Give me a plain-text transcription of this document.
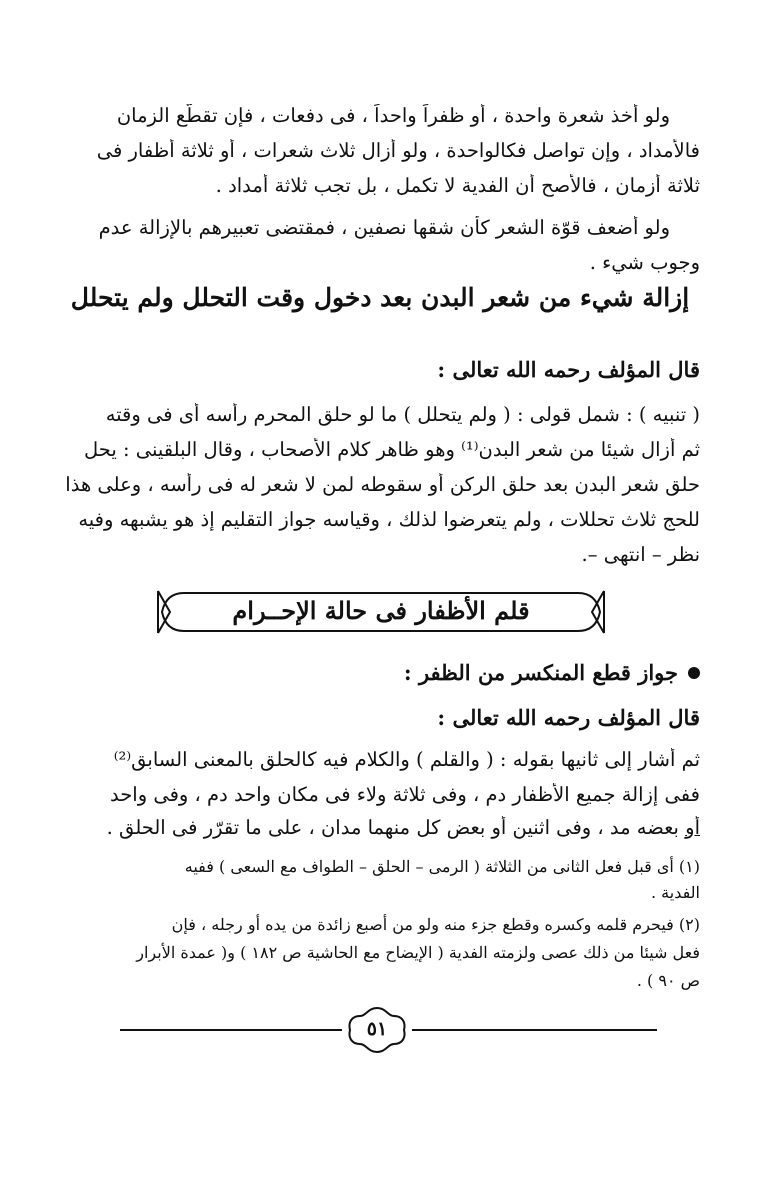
ولو أخذ شعرة واحدة ، أو ظفراً واحداً ، فى دفعات ، فإن تقطّع الزمان
فالأمداد ، وإن تواصل فكالواحدة ، ولو أزال ثلاث شعرات ، أو ثلاثة أظفار فى
ثلاثة أزمان ، فالأصح أن الفدية لا تكمل ، بل تجب ثلاثة أمداد .
ولو أضعف قوّة الشعر كأن شقها نصفين ، فمقتضى تعبيرهم بالإزالة عدم
وجوب شيء .
إزالة شيء من شعر البدن بعد دخول وقت التحلل ولم يتحلل
قال المؤلف رحمه الله تعالى :
( تنبيه ) : شمل قولى : ( ولم يتحلل ) ما لو حلق المحرم رأسه أى فى وقته
ثم أزال شيئا من شعر البدن⁽¹⁾ وهو ظاهر كلام الأصحاب ، وقال البلقينى : يحل
حلق شعر البدن بعد حلق الركن أو سقوطه لمن لا شعر له فى رأسه ، وعلى هذا
للحج ثلاث تحللات ، ولم يتعرضوا لذلك ، وقياسه جواز التقليم إذ هو يشبهه وفيه
نظر – انتهى –.
قلم الأظفار فى حالة الإحــرام
جواز قطع المنكسر من الظفر :
قال المؤلف رحمه الله تعالى :
ثم أشار إلى ثانيها بقوله : ( والقلم ) والكلام فيه كالحلق بالمعنى السابق⁽²⁾
ففى إزالة جميع الأظفار دم ، وفى ثلاثة ولاء فى مكان واحد دم ، وفى واحد
أو بعضه مد ، وفى اثنين أو بعض كل منهما مدان ، على ما تقرّر فى الحلق .
(١) أى قبل فعل الثانى من الثلاثة ( الرمى – الحلق – الطواف مع السعى ) ففيه
الفدية .
(٢) فيحرم قلمه وكسره وقطع جزء منه ولو من أصبع زائدة من يده أو رجله ، فإن
فعل شيئا من ذلك عصى ولزمته الفدية ( الإيضاح مع الحاشية ص ١٨٢ ) و( عمدة الأبرار
ص ٩٠ ) .
٥١
